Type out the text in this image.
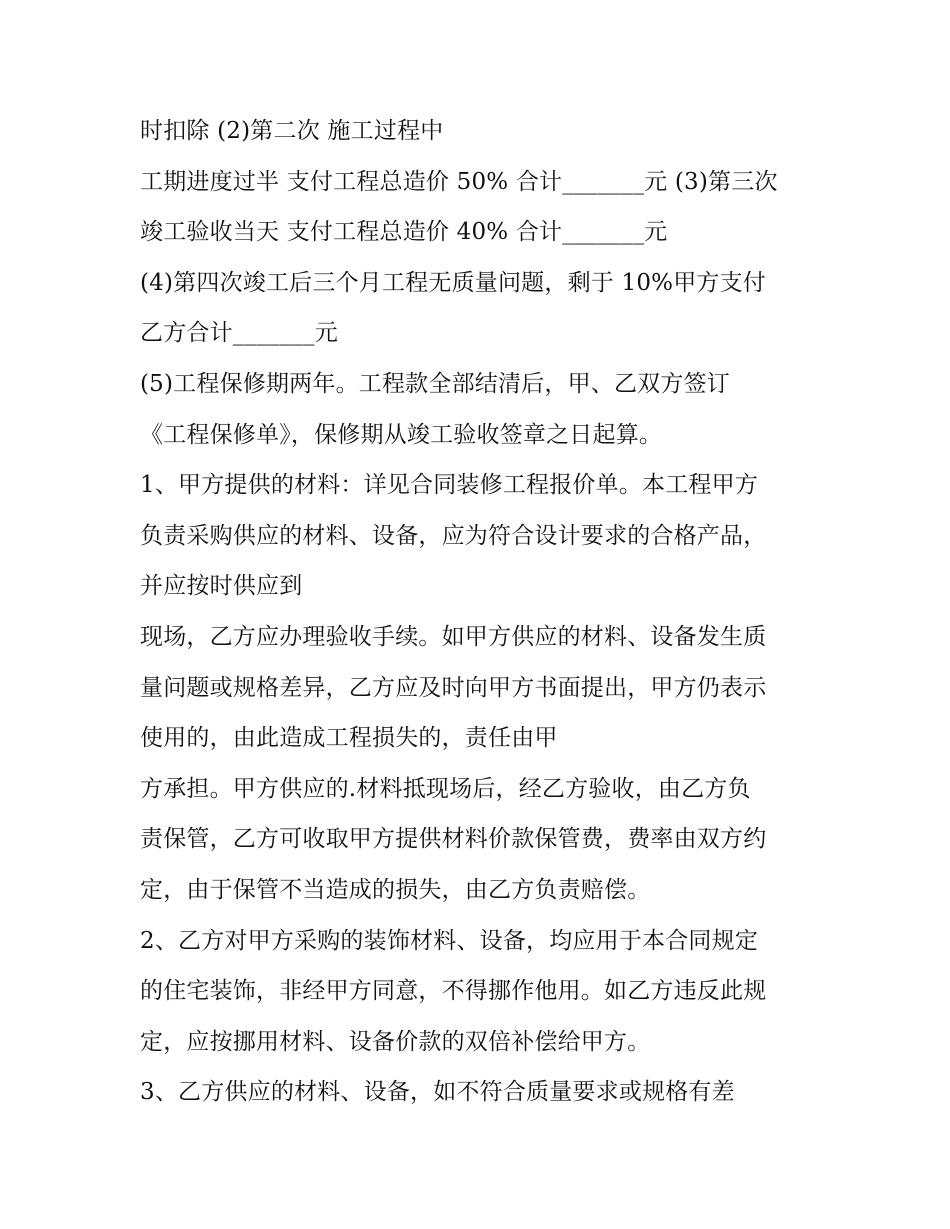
时扣除 (2)第二次 施工过程中
工期进度过半 支付工程总造价 50% 合计_______元 (3)第三次
竣工验收当天 支付工程总造价 40% 合计_______元
(4)第四次竣工后三个月工程无质量问题，剩于 10%甲方支付
乙方合计_______元
(5)工程保修期两年。工程款全部结清后，甲、乙双方签订
《工程保修单》，保修期从竣工验收签章之日起算。
1、甲方提供的材料：详见合同装修工程报价单。本工程甲方
负责采购供应的材料、设备，应为符合设计要求的合格产品，
并应按时供应到
现场，乙方应办理验收手续。如甲方供应的材料、设备发生质
量问题或规格差异，乙方应及时向甲方书面提出，甲方仍表示
使用的，由此造成工程损失的，责任由甲
方承担。甲方供应的.材料抵现场后，经乙方验收，由乙方负
责保管，乙方可收取甲方提供材料价款保管费，费率由双方约
定，由于保管不当造成的损失，由乙方负责赔偿。
2、乙方对甲方采购的装饰材料、设备，均应用于本合同规定
的住宅装饰，非经甲方同意，不得挪作他用。如乙方违反此规
定，应按挪用材料、设备价款的双倍补偿给甲方。
3、乙方供应的材料、设备，如不符合质量要求或规格有差
